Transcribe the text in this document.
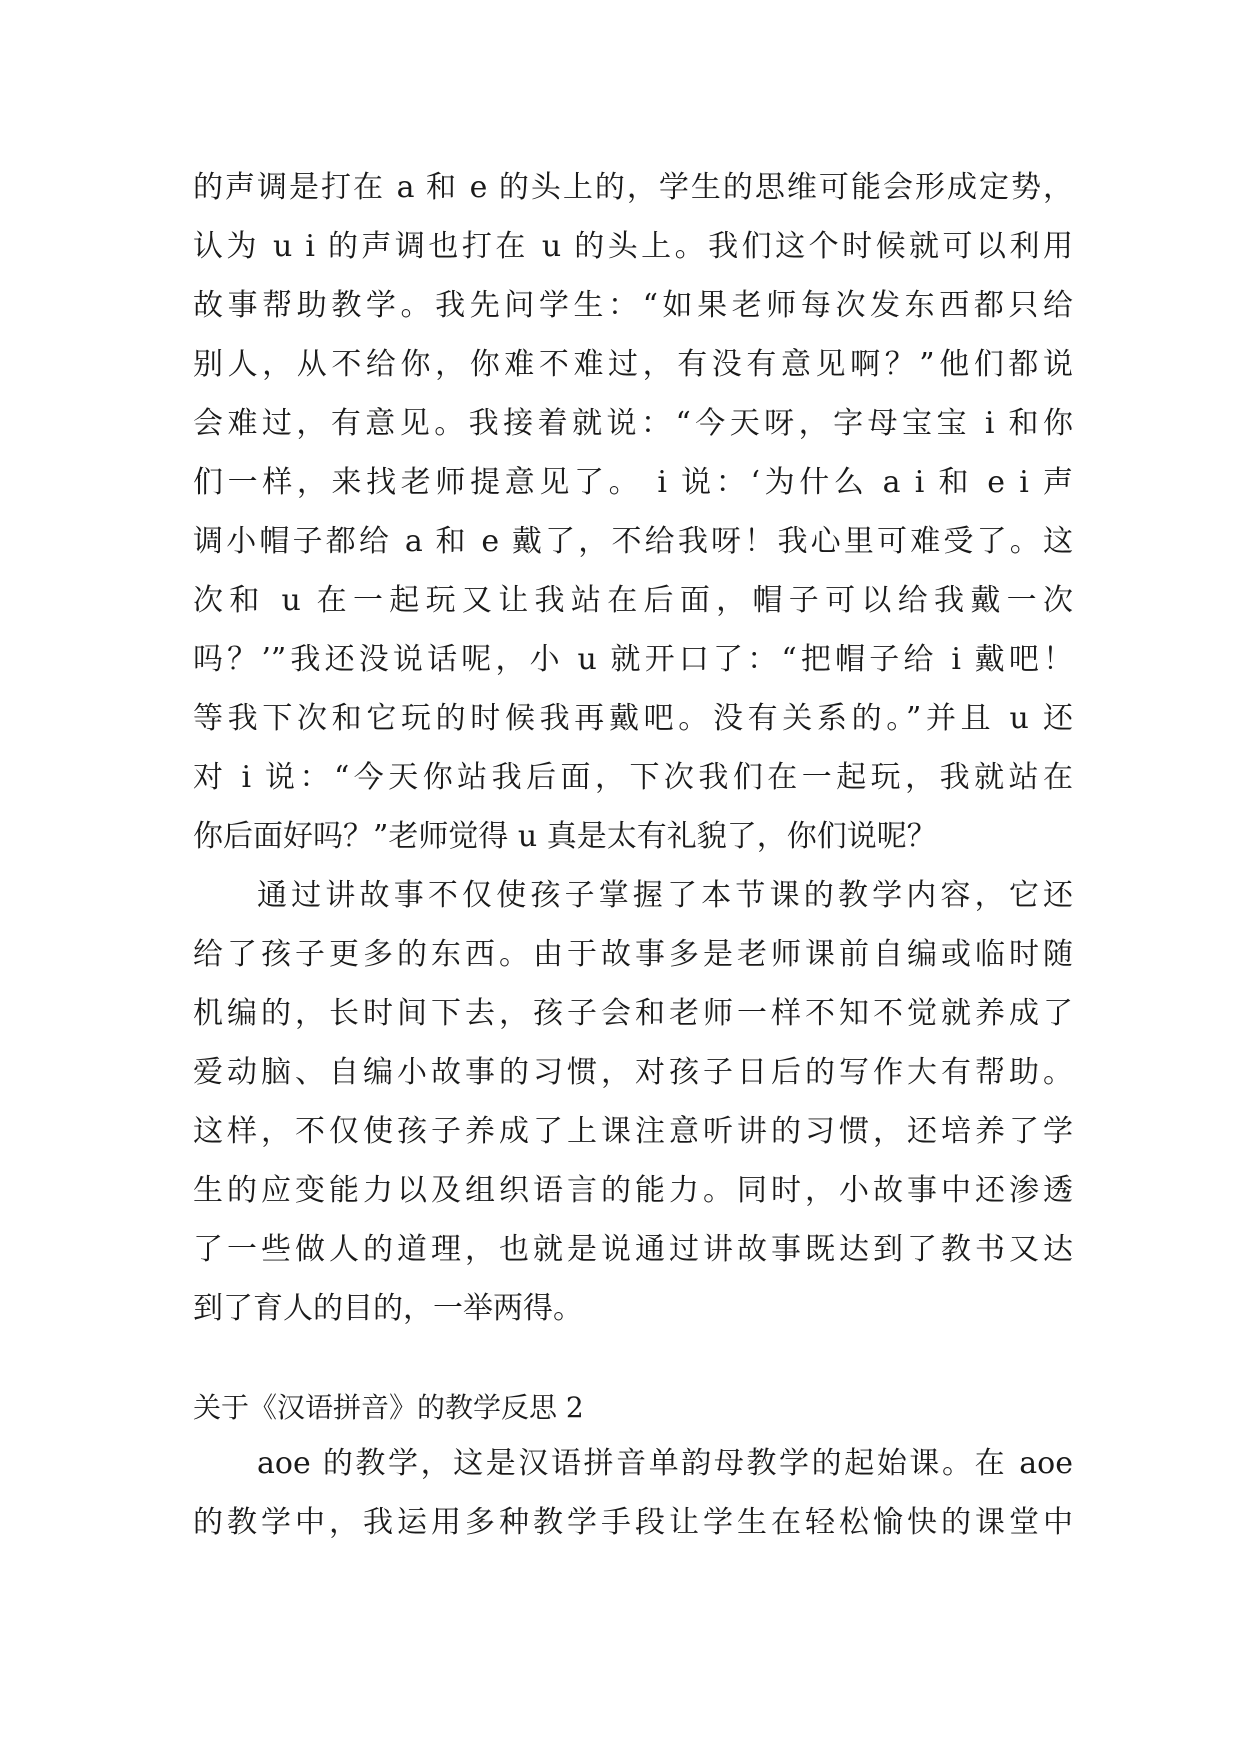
的声调是打在 a 和 e 的头上的，学生的思维可能会形成定势，
认为 u i 的声调也打在 u 的头上。我们这个时候就可以利用
故事帮助教学。我先问学生：“如果老师每次发东西都只给
别人，从不给你，你难不难过，有没有意见啊？”他们都说
会难过，有意见。我接着就说：“今天呀，字母宝宝 i 和你
们一样，来找老师提意见了。 i 说：‘为什么 a i 和 e i 声
调小帽子都给 a 和 e 戴了，不给我呀！我心里可难受了。这
次和 u 在一起玩又让我站在后面，帽子可以给我戴一次
吗？’”我还没说话呢，小 u 就开口了：“把帽子给 i 戴吧！
等我下次和它玩的时候我再戴吧。没有关系的。”并且 u 还
对 i 说：“今天你站我后面，下次我们在一起玩，我就站在
你后面好吗？”老师觉得 u 真是太有礼貌了，你们说呢？
通过讲故事不仅使孩子掌握了本节课的教学内容，它还
给了孩子更多的东西。由于故事多是老师课前自编或临时随
机编的，长时间下去，孩子会和老师一样不知不觉就养成了
爱动脑、自编小故事的习惯，对孩子日后的写作大有帮助。
这样，不仅使孩子养成了上课注意听讲的习惯，还培养了学
生的应变能力以及组织语言的能力。同时，小故事中还渗透
了一些做人的道理，也就是说通过讲故事既达到了教书又达
到了育人的目的，一举两得。
关于《汉语拼音》的教学反思 2
aoe 的教学，这是汉语拼音单韵母教学的起始课。在 aoe
的教学中，我运用多种教学手段让学生在轻松愉快的课堂中
